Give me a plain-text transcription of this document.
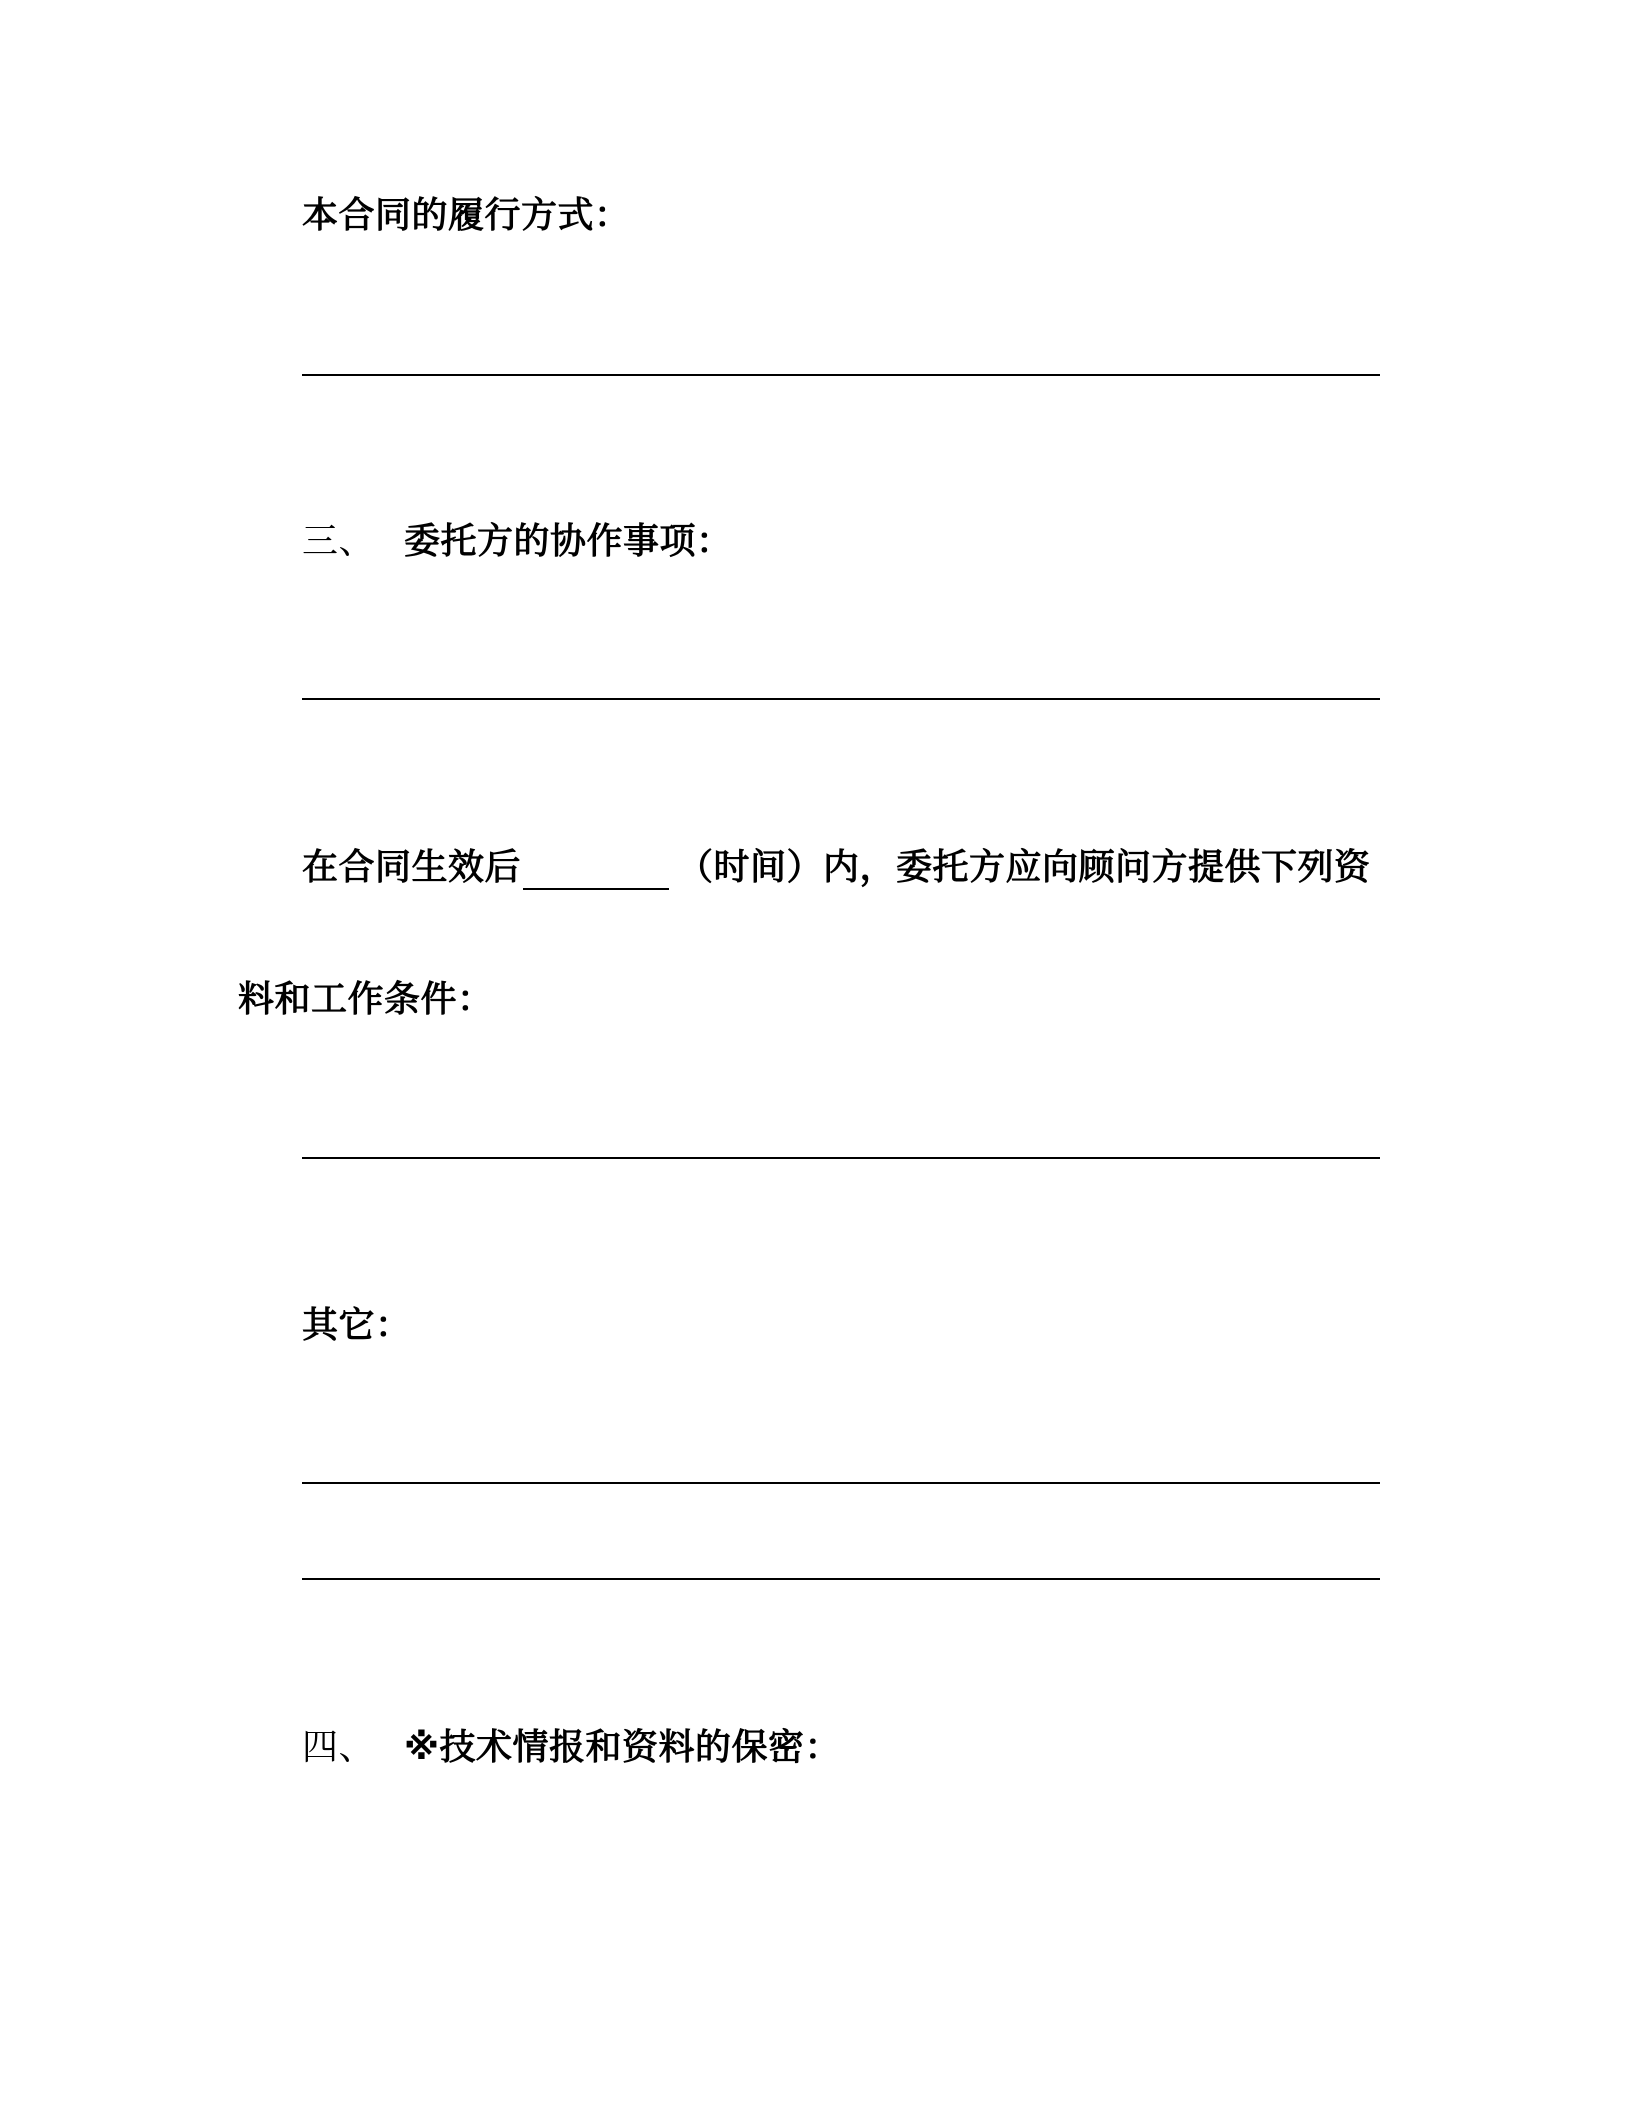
本合同的履行方式：
三、 委托方的协作事项：
在合同生效后	（时间）内，委托方应向顾问方提供下列资
料和工作条件：
其它：
四、 ※技术情报和资料的保密：
